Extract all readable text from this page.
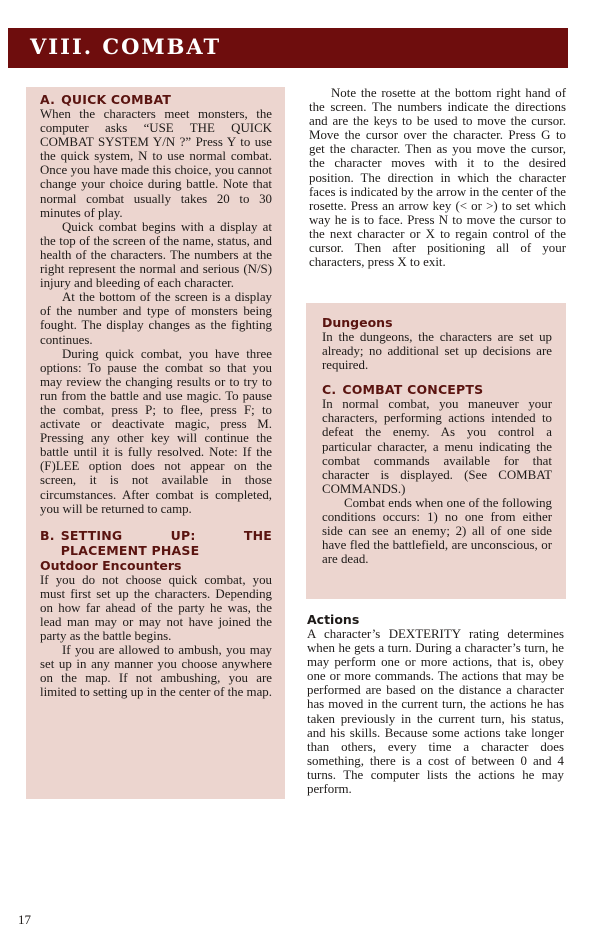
VIII. COMBAT
A. QUICK COMBAT

When the characters meet monsters, the computer asks “USE THE QUICK COMBAT SYSTEM Y/N ?” Press Y to use the quick system, N to use normal combat. Once you have made this choice, you cannot change your choice during battle. Note that normal combat usually takes 20 to 30 minutes of play.

Quick combat begins with a display at the top of the screen of the name, status, and health of the characters. The numbers at the right represent the normal and serious (N/S) injury and bleeding of each character.

At the bottom of the screen is a display of the number and type of monsters being fought. The display changes as the fighting continues.

During quick combat, you have three options: To pause the combat so that you may review the changing results or to try to run from the battle and use magic. To pause the combat, press P; to flee, press F; to activate or deactivate magic, press M. Pressing any other key will continue the battle until it is fully resolved. Note: If the (F)LEE option does not appear on the screen, it is not available in those circumstances. After combat is completed, you will be returned to camp.

B. SETTING UP: THE PLACEMENT PHASE
Outdoor Encounters

If you do not choose quick combat, you must first set up the characters. Depending on how far ahead of the party he was, the lead man may or may not have joined the party as the battle begins.

If you are allowed to ambush, you may set up in any manner you choose anywhere on the map. If not ambushing, you are limited to setting up in the center of the map.

Note the rosette at the bottom right hand of the screen. The numbers indicate the directions and are the keys to be used to move the cursor. Move the cursor over the character. Press G to get the character. Then as you move the cursor, the character moves with it to the desired position. The direction in which the character faces is indicated by the arrow in the center of the rosette. Press an arrow key (< or >) to set which way he is to face. Press N to move the cursor to the next character or X to regain control of the cursor. Then after positioning all of your characters, press X to exit.

Dungeons

In the dungeons, the characters are set up already; no additional set up decisions are required.

C. COMBAT CONCEPTS

In normal combat, you maneuver your characters, performing actions intended to defeat the enemy. As you control a particular character, a menu indicating the combat commands available for that character is displayed. (See COMBAT COMMANDS.)

Combat ends when one of the following conditions occurs: 1) no one from either side can see an enemy; 2) all of one side have fled the battlefield, are unconscious, or are dead.

Actions

A character’s DEXTERITY rating determines when he gets a turn. During a character’s turn, he may perform one or more actions, that is, obey one or more commands. The actions that may be performed are based on the distance a character has moved in the current turn, the actions he has taken previously in the current turn, his status, and his skills. Because some actions take longer than others, every time a character does something, there is a cost of between 0 and 4 turns. The computer lists the actions he may perform.

17
